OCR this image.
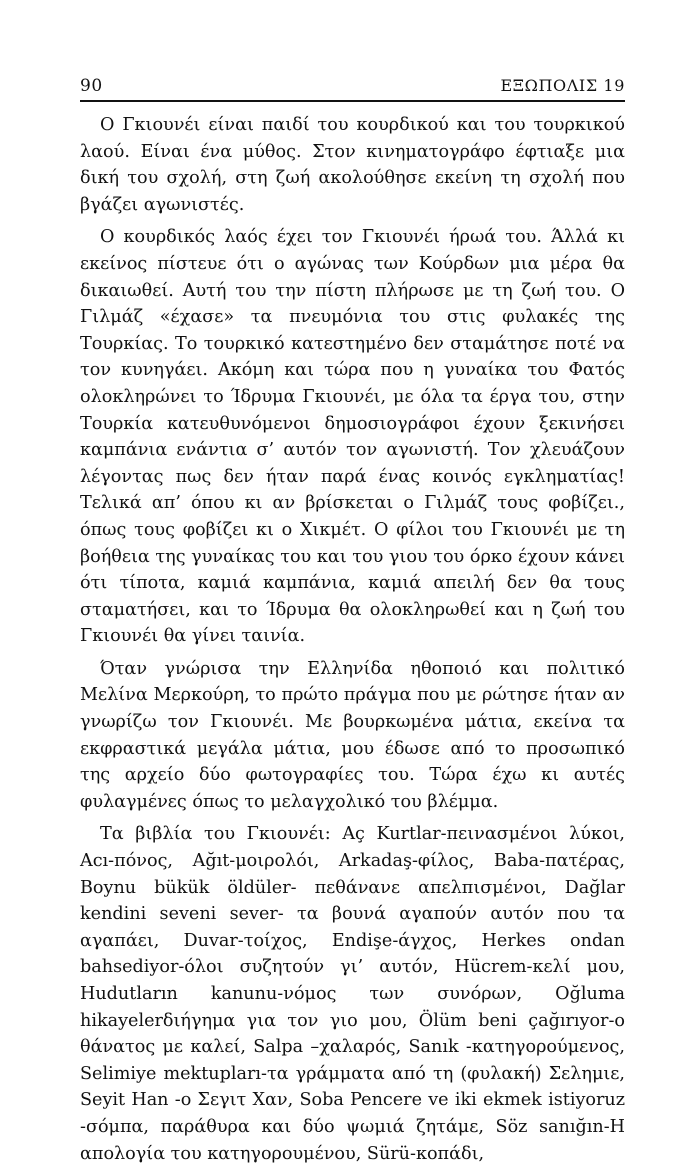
90	ΕΞΩΠΟΛΙΣ 19

Ο Γκιουνέι είναι παιδί του κουρδικού και του τουρκικού λαού. Είναι ένα μύθος. Στον κινηματογράφο έφτιαξε μια δική του σχολή, στη ζωή ακολούθησε εκείνη τη σχολή που βγάζει αγωνιστές.

Ο κουρδικός λαός έχει τον Γκιουνέι ήρωά του. Άλλά κι εκείνος πίστευε ότι ο αγώνας των Κούρδων μια μέρα θα δικαιωθεί. Αυτή του την πίστη πλήρωσε με τη ζωή του. Ο Γιλμάζ «έχασε» τα πνευμόνια του στις φυλακές της Τουρκίας. Το τουρκικό κατεστημένο δεν σταμάτησε ποτέ να τον κυνηγάει. Ακόμη και τώρα που η γυναίκα του Φατός ολοκληρώνει το Ίδρυμα Γκιουνέι, με όλα τα έργα του, στην Τουρκία κατευθυνόμενοι δημοσιογράφοι έχουν ξεκινήσει καμπάνια ενάντια σ’ αυτόν τον αγωνιστή. Τον χλευάζουν λέγοντας πως δεν ήταν παρά ένας κοινός εγκληματίας! Τελικά απ’ όπου κι αν βρίσκεται ο Γιλμάζ τους φοβίζει., όπως τους φοβίζει κι ο Χικμέτ. Ο φίλοι του Γκιουνέι με τη βοήθεια της γυναίκας του και του γιου του όρκο έχουν κάνει ότι τίποτα, καμιά καμπάνια, καμιά απειλή δεν θα τους σταματήσει, και το Ίδρυμα θα ολοκληρωθεί και η ζωή του Γκιουνέι θα γίνει ταινία.

Όταν γνώρισα την Ελληνίδα ηθοποιό και πολιτικό Μελίνα Μερκούρη, το πρώτο πράγμα που με ρώτησε ήταν αν γνωρίζω τον Γκιουνέι. Με βουρκωμένα μάτια, εκείνα τα εκφραστικά μεγάλα μάτια, μου έδωσε από το προσωπικό της αρχείο δύο φωτογραφίες του. Τώρα έχω κι αυτές φυλαγμένες όπως το μελαγχολικό του βλέμμα.

Τα βιβλία του Γκιουνέι: Aç Kurtlar-πεινασμένοι λύκοι, Acı-πόνος, Ağıt-μοιρολόι, Arkadaş-φίλος, Baba-πατέρας, Boynu bükük öldüler- πεθάνανε απελπισμένοι, Dağlar kendini seveni sever- τα βουνά αγαπούν αυτόν που τα αγαπάει, Duvar-τοίχος, Endişe-άγχος, Herkes ondan bahsediyor-όλοι συζητούν γι’ αυτόν, Hücrem-κελί μου, Hudutların kanunu-νόμος των συνόρων, Oğluma hikayelerδιήγημα για τον γιο μου, Ölüm beni çağırıyor-ο θάνατος με καλεί, Salpa –χαλαρός, Sanık -κατηγορούμενος, Selimiye mektupları-τα γράμματα από τη (φυλακή) Σελημιε, Seyit Han -ο Σεγιτ Χαν, Soba Pencere ve iki ekmek istiyoruz -σόμπα, παράθυρα και δύο ψωμιά ζητάμε, Söz sanığın-Η απολογία του κατηγορουμένου, Sürü-κοπάδι,
